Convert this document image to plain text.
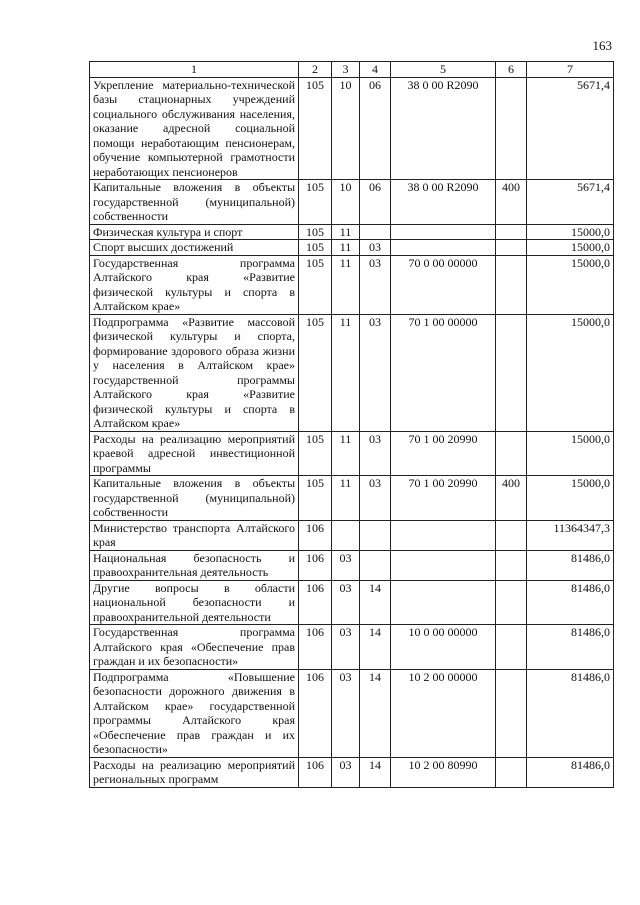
163
1	2	3	4	5	6	7
Укрепление материально-технической базы стационарных учреждений социального обслуживания населения, оказание адресной социальной помощи неработающим пенсионерам, обучение компьютерной грамотности неработающих пенсионеров	105	10	06	38 0 00 R2090		5671,4
Капитальные вложения в объекты государственной (муниципальной) собственности	105	10	06	38 0 00 R2090	400	5671,4
Физическая культура и спорт	105	11				15000,0
Спорт высших достижений	105	11	03			15000,0
Государственная программа Алтайского края «Развитие физической культуры и спорта в Алтайском крае»	105	11	03	70 0 00 00000		15000,0
Подпрограмма «Развитие массовой физической культуры и спорта, формирование здорового образа жизни у населения в Алтайском крае» государственной программы Алтайского края «Развитие физической культуры и спорта в Алтайском крае»	105	11	03	70 1 00 00000		15000,0
Расходы на реализацию мероприятий краевой адресной инвестиционной программы	105	11	03	70 1 00 20990		15000,0
Капитальные вложения в объекты государственной (муниципальной) собственности	105	11	03	70 1 00 20990	400	15000,0
Министерство транспорта Алтайского края	106					11364347,3
Национальная безопасность и правоохранительная деятельность	106	03				81486,0
Другие вопросы в области национальной безопасности и правоохранительной деятельности	106	03	14			81486,0
Государственная программа Алтайского края «Обеспечение прав граждан и их безопасности»	106	03	14	10 0 00 00000		81486,0
Подпрограмма «Повышение безопасности дорожного движения в Алтайском крае» государственной программы Алтайского края «Обеспечение прав граждан и их безопасности»	106	03	14	10 2 00 00000		81486,0
Расходы на реализацию мероприятий региональных программ	106	03	14	10 2 00 80990		81486,0
